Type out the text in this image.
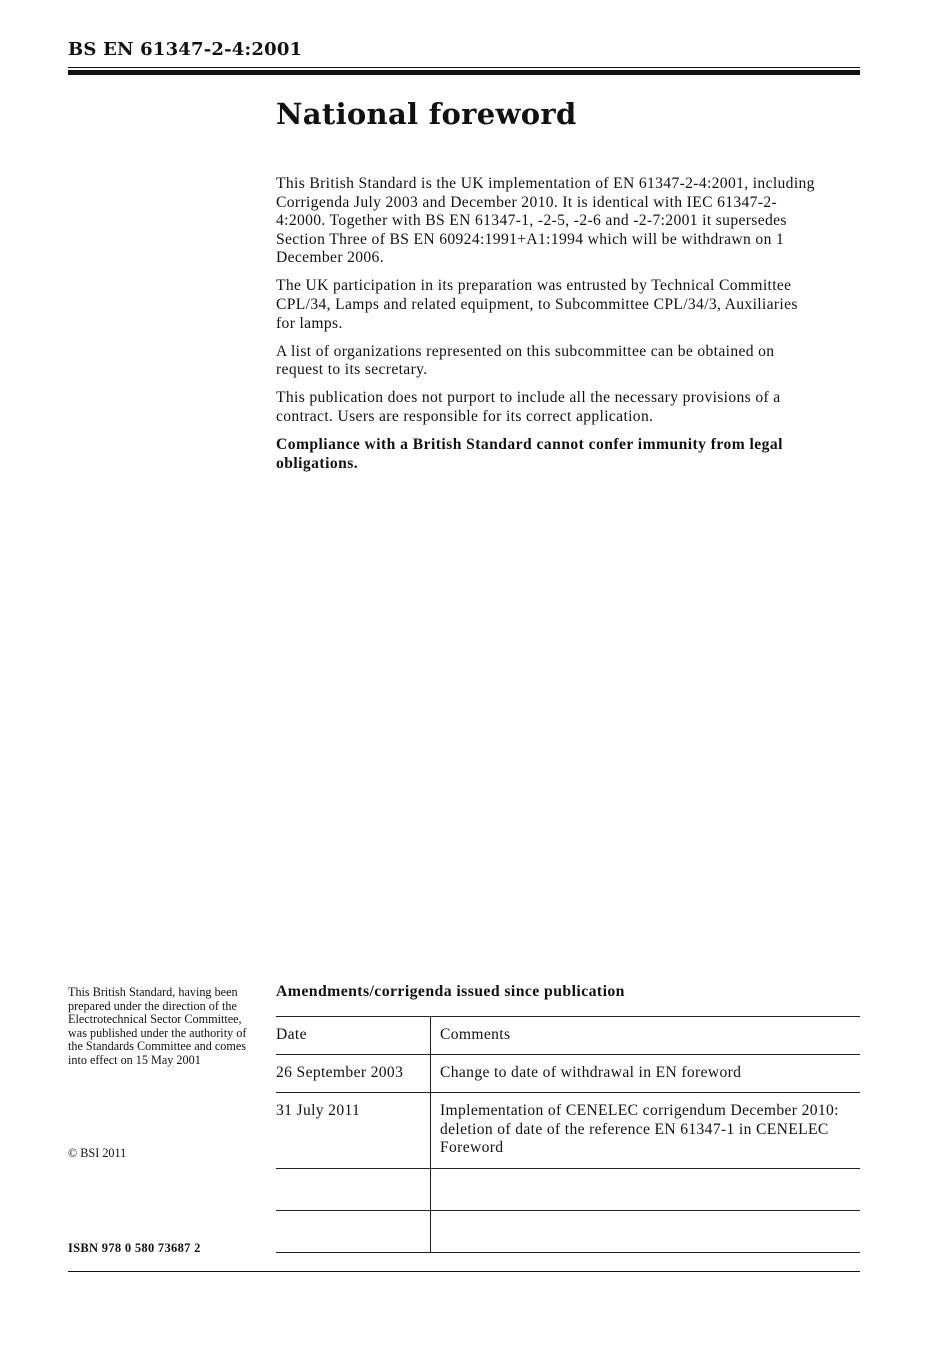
BS EN 61347-2-4:2001
National foreword

This British Standard is the UK implementation of EN 61347-2-4:2001, including Corrigenda July 2003 and December 2010. It is identical with IEC 61347-2-4:2000. Together with BS EN 61347-1, -2-5, -2-6 and -2-7:2001 it supersedes Section Three of BS EN 60924:1991+A1:1994 which will be withdrawn on 1 December 2006.

The UK participation in its preparation was entrusted by Technical Committee CPL/34, Lamps and related equipment, to Subcommittee CPL/34/3, Auxiliaries for lamps.

A list of organizations represented on this subcommittee can be obtained on request to its secretary.

This publication does not purport to include all the necessary provisions of a contract. Users are responsible for its correct application.

Compliance with a British Standard cannot confer immunity from legal obligations.

This British Standard, having been prepared under the direction of the Electrotechnical Sector Committee, was published under the authority of the Standards Committee and comes into effect on 15 May 2001
© BSI 2011
ISBN 978 0 580 73687 2
Amendments/corrigenda issued since publication
Date	Comments
26 September 2003	Change to date of withdrawal in EN foreword
31 July 2011	Implementation of CENELEC corrigendum December 2010: deletion of date of the reference EN 61347-1 in CENELEC Foreword
